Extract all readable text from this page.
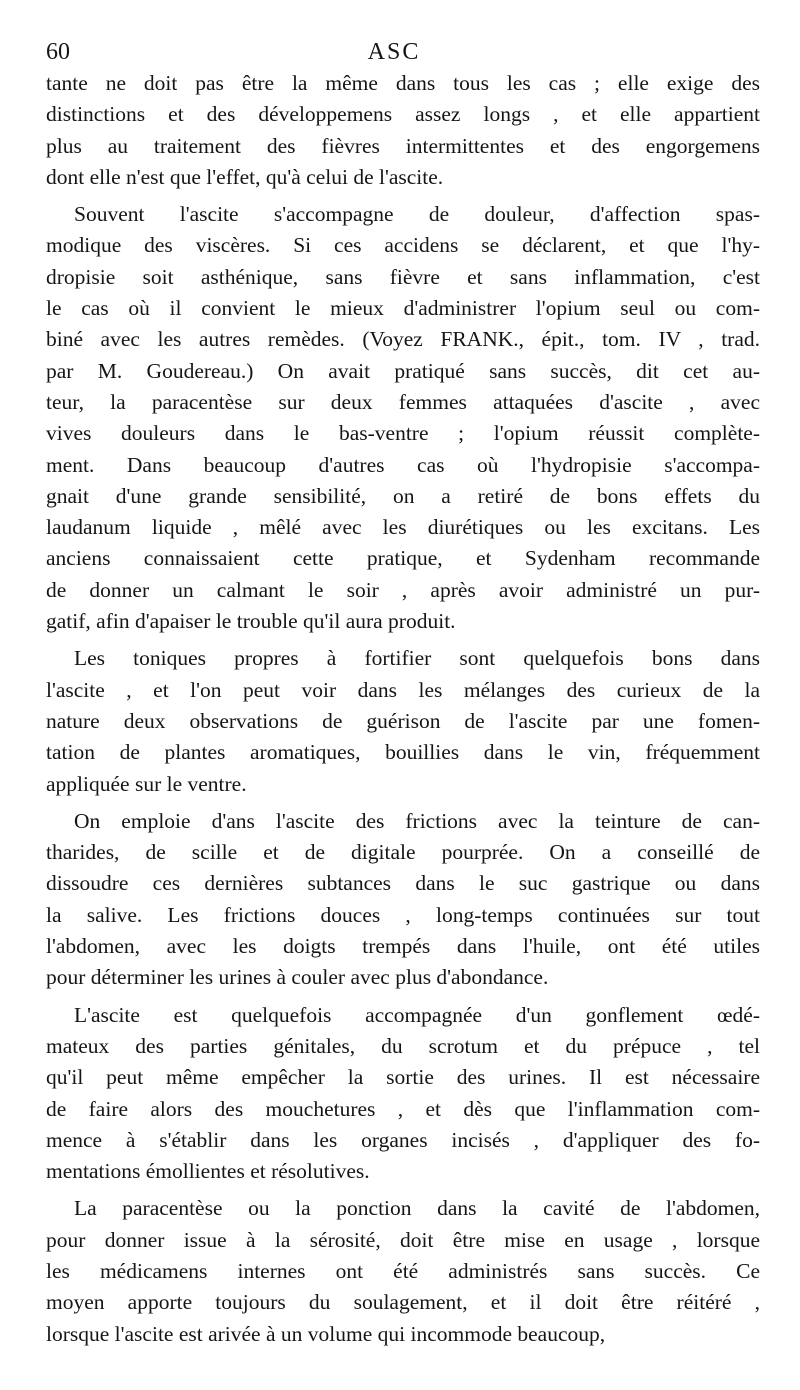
60	ASC

tante ne doit pas être la même dans tous les cas ; elle exige des
distinctions et des développemens assez longs , et elle appartient
plus au traitement des fièvres intermittentes et des engorgemens
dont elle n'est que l'effet, qu'à celui de l'ascite.

Souvent l'ascite s'accompagne de douleur, d'affection spas-
modique des viscères. Si ces accidens se déclarent, et que l'hy-
dropisie soit asthénique, sans fièvre et sans inflammation, c'est
le cas où il convient le mieux d'administrer l'opium seul ou com-
biné avec les autres remèdes. (Voyez FRANK., épit., tom. IV , trad.
par M. Goudereau.) On avait pratiqué sans succès, dit cet au-
teur, la paracentèse sur deux femmes attaquées d'ascite , avec
vives douleurs dans le bas-ventre ; l'opium réussit complète-
ment. Dans beaucoup d'autres cas où l'hydropisie s'accompa-
gnait d'une grande sensibilité, on a retiré de bons effets du
laudanum liquide , mêlé avec les diurétiques ou les excitans. Les
anciens connaissaient cette pratique, et Sydenham recommande
de donner un calmant le soir , après avoir administré un pur-
gatif, afin d'apaiser le trouble qu'il aura produit.

Les toniques propres à fortifier sont quelquefois bons dans
l'ascite , et l'on peut voir dans les mélanges des curieux de la
nature deux observations de guérison de l'ascite par une fomen-
tation de plantes aromatiques, bouillies dans le vin, fréquemment
appliquée sur le ventre.

On emploie d'ans l'ascite des frictions avec la teinture de can-
tharides, de scille et de digitale pourprée. On a conseillé de
dissoudre ces dernières subtances dans le suc gastrique ou dans
la salive. Les frictions douces , long-temps continuées sur tout
l'abdomen, avec les doigts trempés dans l'huile, ont été utiles
pour déterminer les urines à couler avec plus d'abondance.

L'ascite est quelquefois accompagnée d'un gonflement œdé-
mateux des parties génitales, du scrotum et du prépuce , tel
qu'il peut même empêcher la sortie des urines. Il est nécessaire
de faire alors des mouchetures , et dès que l'inflammation com-
mence à s'établir dans les organes incisés , d'appliquer des fo-
mentations émollientes et résolutives.

La paracentèse ou la ponction dans la cavité de l'abdomen,
pour donner issue à la sérosité, doit être mise en usage , lorsque
les médicamens internes ont été administrés sans succès. Ce
moyen apporte toujours du soulagement, et il doit être réitéré ,
lorsque l'ascite est arivée à un volume qui incommode beaucoup,
